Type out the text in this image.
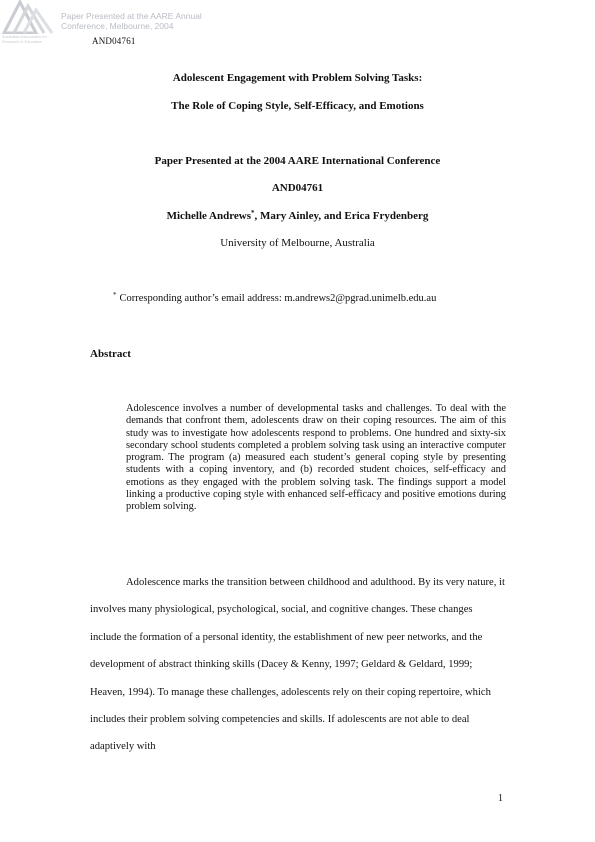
Paper Presented at the AARE Annual
Conference, Melbourne, 2004
Australian Association for Research in Education	AND04761
Adolescent Engagement with Problem Solving Tasks:
The Role of Coping Style, Self-Efficacy, and Emotions
Paper Presented at the 2004 AARE International Conference
AND04761
Michelle Andrews*, Mary Ainley, and Erica Frydenberg
University of Melbourne, Australia
* Corresponding author’s email address: m.andrews2@pgrad.unimelb.edu.au
Abstract
Adolescence involves a number of developmental tasks and challenges. To deal with the demands that confront them, adolescents draw on their coping resources. The aim of this study was to investigate how adolescents respond to problems. One hundred and sixty-six secondary school students completed a problem solving task using an interactive computer program. The program (a) measured each student’s general coping style by presenting students with a coping inventory, and (b) recorded student choices, self-efficacy and emotions as they engaged with the problem solving task. The findings support a model linking a productive coping style with enhanced self-efficacy and positive emotions during problem solving.
Adolescence marks the transition between childhood and adulthood. By its very nature, it involves many physiological, psychological, social, and cognitive changes. These changes include the formation of a personal identity, the establishment of new peer networks, and the development of abstract thinking skills (Dacey & Kenny, 1997; Geldard & Geldard, 1999; Heaven, 1994). To manage these challenges, adolescents rely on their coping repertoire, which includes their problem solving competencies and skills. If adolescents are not able to deal adaptively with
1
